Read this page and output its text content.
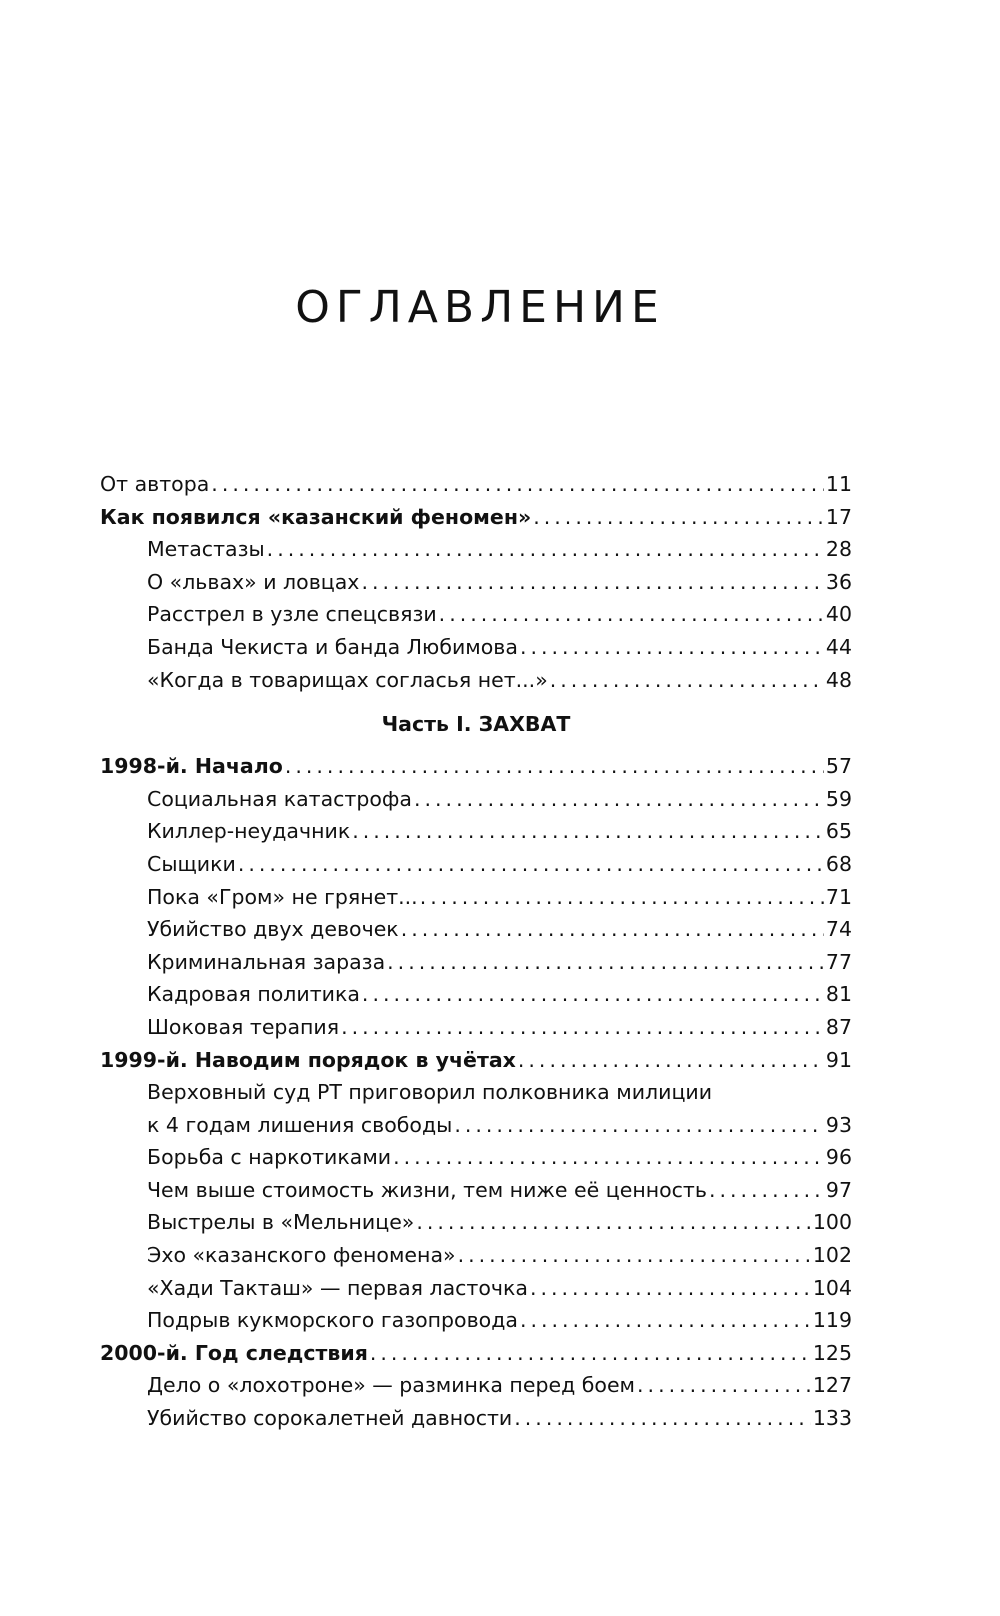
ОГЛАВЛЕНИЕ
От автора .....	11
Как появился «казанский феномен» .....	17
Метастазы .....	28
О «львах» и ловцах .....	36
Расстрел в узле спецсвязи .....	40
Банда Чекиста и банда Любимова .....	44
«Когда в товарищах согласья нет...» .....	48
Часть I. ЗАХВАТ
1998-й. Начало .....	57
Социальная катастрофа .....	59
Киллер-неудачник .....	65
Сыщики .....	68
Пока «Гром» не грянет... .....	71
Убийство двух девочек .....	74
Криминальная зараза .....	77
Кадровая политика .....	81
Шоковая терапия .....	87
1999-й. Наводим порядок в учётах .....	91
Верховный суд РТ приговорил полковника милиции
к 4 годам лишения свободы .....	93
Борьба с наркотиками .....	96
Чем выше стоимость жизни, тем ниже её ценность .....	97
Выстрелы в «Мельнице» .....	100
Эхо «казанского феномена» .....	102
«Хади Такташ» — первая ласточка .....	104
Подрыв кукморского газопровода .....	119
2000-й. Год следствия .....	125
Дело о «лохотроне» — разминка перед боем .....	127
Убийство сорокалетней давности .....	133
